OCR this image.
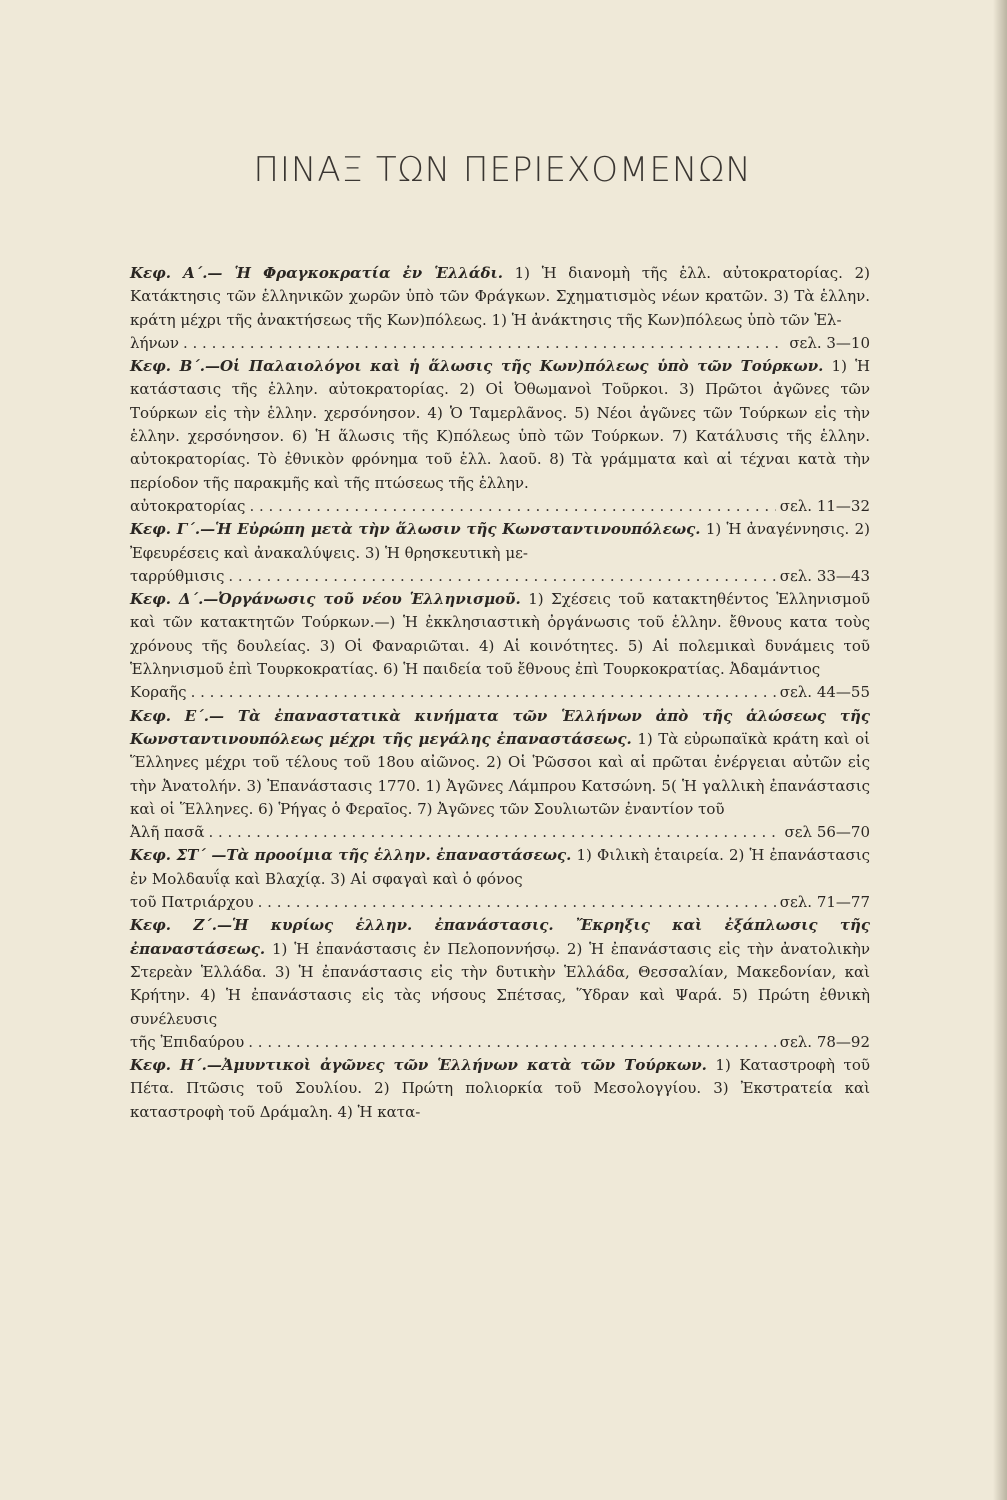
ΠΙΝΑΞ ΤΩΝ ΠΕΡΙΕΧΟΜΕΝΩΝ

Κεφ. Α΄.— Ἡ Φραγκοκρατία ἐν Ἑλλάδι. 1) Ἡ διανομὴ τῆς ἑλλ. αὐτοκρατορίας. 2) Κατάκτησις τῶν ἑλληνικῶν χωρῶν ὑπὸ τῶν Φράγκων. Σχηματισμὸς νέων κρατῶν. 3) Τὰ ἑλλην. κράτη μέχρι τῆς ἀνακτήσεως τῆς Κων)πόλεως. 1) Ἡ ἀνάκτησις τῆς Κων)πόλεως ὑπὸ τῶν Ἑλ-

λήνων . . .	σελ. 3—10

Κεφ. Β΄.—Οἱ Παλαιολόγοι καὶ ἡ ἅλωσις τῆς Κων)πόλεως ὑπὸ τῶν Τούρκων. 1) Ἡ κατάστασις τῆς ἑλλην. αὐτοκρατορίας. 2) Οἱ Ὀθωμανοὶ Τοῦρκοι. 3) Πρῶτοι ἀγῶνες τῶν Τούρκων εἰς τὴν ἑλλην. χερσόνησον. 4) Ὁ Ταμερλᾶνος. 5) Νέοι ἀγῶνες τῶν Τούρκων εἰς τὴν ἑλλην. χερσόνησον. 6) Ἡ ἅλωσις τῆς Κ)πόλεως ὑπὸ τῶν Τούρκων. 7) Κατάλυσις τῆς ἑλλην. αὐτοκρατορίας. Τὸ ἐθνικὸν φρόνημα τοῦ ἑλλ. λαοῦ. 8) Τὰ γράμματα καὶ αἱ τέχναι κατὰ τὴν περίοδον τῆς παρακμῆς καὶ τῆς πτώσεως τῆς ἑλλην.

αὐτοκρατορίας . . .	σελ. 11—32

Κεφ. Γ΄.—Ἡ Εὐρώπη μετὰ τὴν ἅλωσιν τῆς Κωνσταντινουπόλεως. 1) Ἡ ἀναγέννησις. 2) Ἐφευρέσεις καὶ ἀνακαλύψεις. 3) Ἡ θρησκευτικὴ με-

ταρρύθμισις . . .	σελ. 33—43

Κεφ. Δ΄.—Ὀργάνωσις τοῦ νέου Ἑλληνισμοῦ. 1) Σχέσεις τοῦ κατακτηθέντος Ἑλληνισμοῦ καὶ τῶν κατακτητῶν Τούρκων.—) Ἡ ἐκκλησιαστικὴ ὀργάνωσις τοῦ ἑλλην. ἔθνους κατα τοὺς χρόνους τῆς δουλείας. 3) Οἱ Φαναριῶται. 4) Αἱ κοινότητες. 5) Αἱ πολεμικαὶ δυνάμεις τοῦ Ἑλληνισμοῦ ἐπὶ Τουρκοκρατίας. 6) Ἡ παιδεία τοῦ ἔθνους ἐπὶ Τουρκοκρατίας. Ἀδαμάντιος

Κοραῆς . . .	σελ. 44—55

Κεφ. Ε΄.— Τὰ ἐπαναστατικὰ κινήματα τῶν Ἑλλήνων ἀπὸ τῆς ἁλώσεως τῆς Κωνσταντινουπόλεως μέχρι τῆς μεγάλης ἐπαναστάσεως. 1) Τὰ εὐρωπαϊκὰ κράτη καὶ οἱ Ἕλληνες μέχρι τοῦ τέλους τοῦ 18ου αἰῶνος. 2) Οἱ Ῥῶσσοι καὶ αἱ πρῶται ἐνέργειαι αὐτῶν εἰς τὴν Ἀνατολήν. 3) Ἐπανάστασις 1770. 1) Ἀγῶνες Λάμπρου Κατσώνη. 5( Ἡ γαλλικὴ ἐπανάστασις καὶ οἱ Ἕλληνες. 6) Ῥήγας ὁ Φεραῖος. 7) Ἀγῶνες τῶν Σουλιωτῶν ἐναντίον τοῦ

Ἀλῆ πασᾶ . . .	σελ 56—70

Κεφ. ΣΤ΄ —Τὰ προοίμια τῆς ἑλλην. ἐπαναστάσεως. 1) Φιλικὴ ἑταιρεία. 2) Ἡ ἐπανάστασις ἐν Μολδαυΐᾳ καὶ Βλαχίᾳ. 3) Αἱ σφαγαὶ καὶ ὁ φόνος

τοῦ Πατριάρχου . . .	σελ. 71—77

Κεφ. Ζ΄.—Ἡ κυρίως ἑλλην. ἐπανάστασις. Ἔκρηξις καὶ ἐξάπλωσις τῆς ἐπαναστάσεως. 1) Ἡ ἐπανάστασις ἐν Πελοποννήσῳ. 2) Ἡ ἐπανάστασις εἰς τὴν ἀνατολικὴν Στερεὰν Ἑλλάδα. 3) Ἡ ἐπανάστασις εἰς τὴν δυτικὴν Ἑλλάδα, Θεσσαλίαν, Μακεδονίαν, καὶ Κρήτην. 4) Ἡ ἐπανάστασις εἰς τὰς νήσους Σπέτσας, Ὕδραν καὶ Ψαρά. 5) Πρώτη ἐθνικὴ συνέλευσις

τῆς Ἐπιδαύρου . . .	σελ. 78—92

Κεφ. Η΄.—Ἀμυντικοὶ ἀγῶνες τῶν Ἑλλήνων κατὰ τῶν Τούρκων. 1) Καταστροφὴ τοῦ Πέτα. Πτῶσις τοῦ Σουλίου. 2) Πρώτη πολιορκία τοῦ Μεσολογγίου. 3) Ἐκστρατεία καὶ καταστροφὴ τοῦ Δράμαλη. 4) Ἡ κατα-
